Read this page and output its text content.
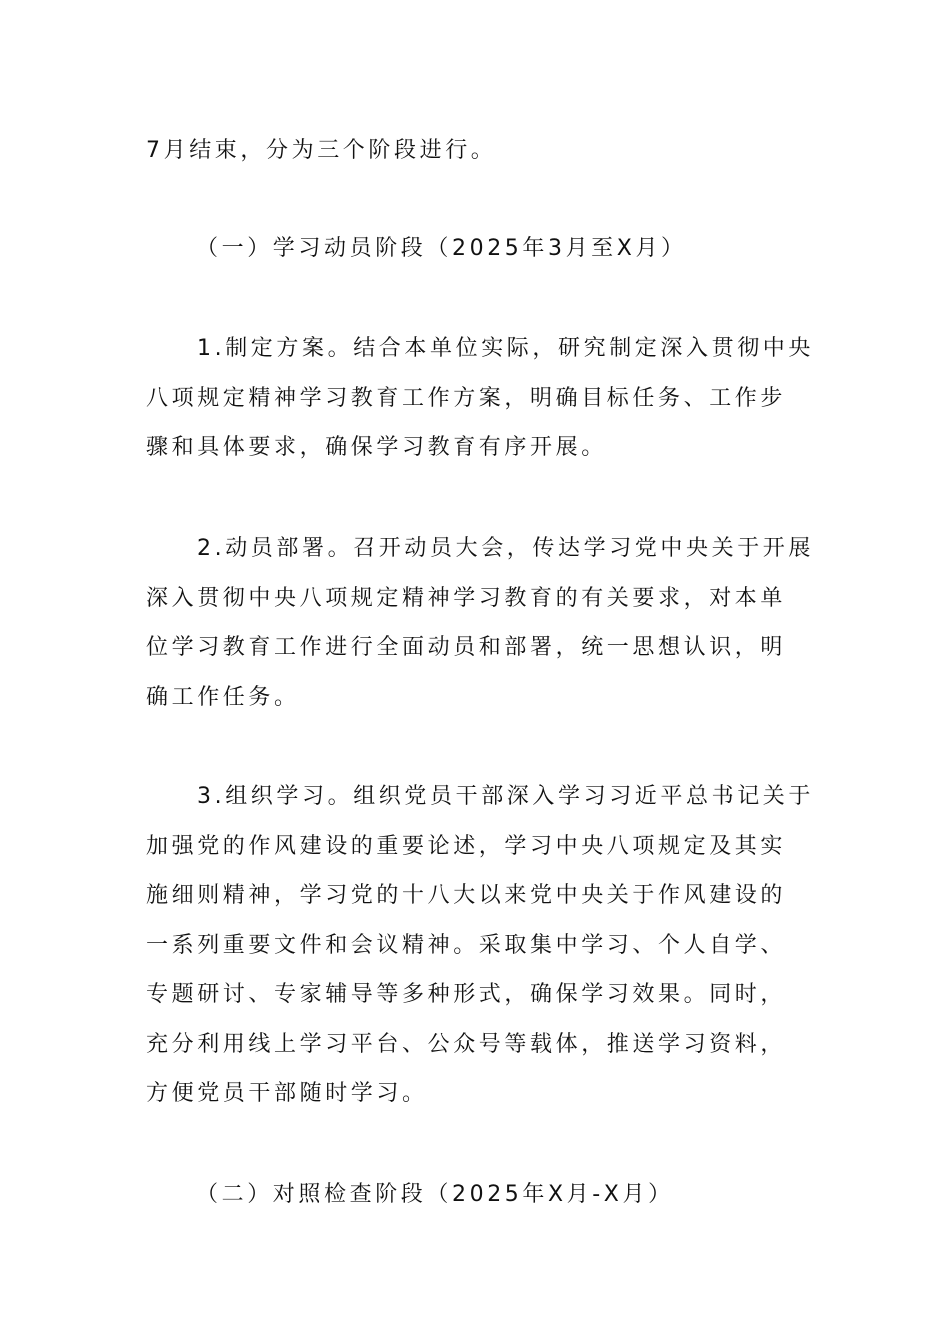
7月结束，分为三个阶段进行。
（一）学习动员阶段（2025年3月至X月）
1.制定方案。结合本单位实际，研究制定深入贯彻中央
八项规定精神学习教育工作方案，明确目标任务、工作步
骤和具体要求，确保学习教育有序开展。
2.动员部署。召开动员大会，传达学习党中央关于开展
深入贯彻中央八项规定精神学习教育的有关要求，对本单
位学习教育工作进行全面动员和部署，统一思想认识，明
确工作任务。
3.组织学习。组织党员干部深入学习习近平总书记关于
加强党的作风建设的重要论述，学习中央八项规定及其实
施细则精神，学习党的十八大以来党中央关于作风建设的
一系列重要文件和会议精神。采取集中学习、个人自学、
专题研讨、专家辅导等多种形式，确保学习效果。同时，
充分利用线上学习平台、公众号等载体，推送学习资料，
方便党员干部随时学习。
（二）对照检查阶段（2025年X月-X月）
